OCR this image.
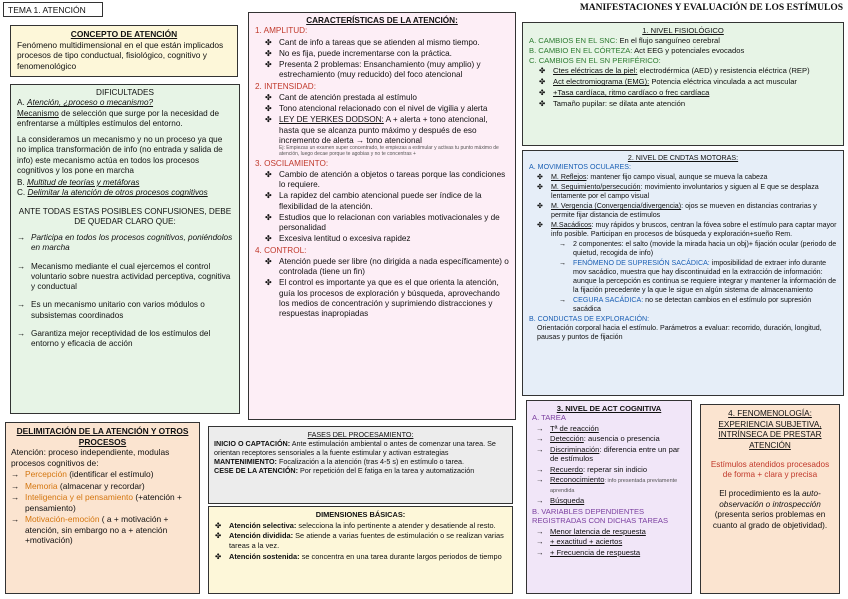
TEMA 1. ATENCIÓN	MANIFESTACIONES Y EVALUACIÓN DE LOS ESTÍMULOS
CONCEPTO DE ATENCIÓN
Fenómeno multidimensional en el que están implicados procesos de tipo conductual, fisiológico, cognitivo y fenomenológico
DIFICULTADES
A. Atención, ¿proceso o mecanismo?
Mecanismo de selección que surge por la necesidad de enfrentarse a múltiples estímulos del entorno.

La consideramos un mecanismo y no un proceso ya que no implica transformación de info (no entrada y salida de info) este mecanismo actúa en todos los procesos cognitivos y los pone en marcha

B. Multitud de teorías y metáforas
C. Delimitar la atención de otros procesos cognitivos
ANTE TODAS ESTAS POSIBLES CONFUSIONES, DEBE DE QUEDAR CLARO QUE:
→ Participa en todos los procesos cognitivos, poniéndolos en marcha
→ Mecanismo mediante el cual ejercemos el control voluntario sobre nuestra actividad perceptiva, cognitiva y conductual
→ Es un mecanismo unitario con varios módulos o subsistemas coordinados
→ Garantiza mejor receptividad de los estímulos del entorno y eficacia de acción
DELIMITACIÓN DE LA ATENCIÓN Y OTROS PROCESOS
Atención: proceso independiente, modulas procesos cognitivos de:
→ Percepción (identificar el estímulo)
→ Memoria (almacenar y recordar)
→ Inteligencia y el pensamiento (+atención + pensamiento)
→ Motivación-emoción ( a + motivación + atención, sin embargo no a + atención +motivación)
CARACTERÍSTICAS DE LA ATENCIÓN:
1. AMPLITUD:
✤ Cant de info a tareas que se atienden al mismo tiempo.
✤ No es fija, puede incrementarse con la práctica.
✤ Presenta 2 problemas: Ensanchamiento (muy amplio) y estrechamiento (muy reducido) del foco atencional
2. INTENSIDAD:
✤ Cant de atención prestada al estímulo
✤ Tono atencional relacionado con el nivel de vigilia y alerta
✤ LEY DE YERKES DODSON: A + alerta + tono atencional, hasta que se alcanza punto máximo y después de eso incremento de alerta → tono atencional
Ej: Empiezas un examen super concentrado, te empiezas a estimular y activas tu punto máximo de atención, luego decae porque te agobias y no te concentras +
3. OSCILAMIENTO:
✤ Cambio de atención a objetos o tareas porque las condiciones lo requiere.
✤ La rapidez del cambio atencional puede ser índice de la flexibilidad de la atención.
✤ Estudios que lo relacionan con variables motivacionales y de personalidad
✤ Excesiva lentitud o excesiva rapidez
4. CONTROL:
✤ Atención puede ser libre (no dirigida a nada específicamente) o controlada (tiene un fin)
✤ El control es importante ya que es el que orienta la atención, guía los procesos de exploración y búsqueda, aprovechando los medios de concentración y suprimiendo distracciones y respuestas inapropiadas
FASES DEL PROCESAMIENTO:
INICIO O CAPTACIÓN: Ante estimulación ambiental o antes de comenzar una tarea. Se orientan receptores sensoriales a la fuente estimular y activan estrategias
MANTENIMIENTO: Focalización a la atención (tras 4-5 s) en estímulo o tarea.
CESE DE LA ATENCIÓN: Por repetición del E fatiga en la tarea y automatización
DIMENSIONES BÁSICAS:
✤ Atención selectiva: selecciona la info pertinente a atender y desatiende al resto.
✤ Atención dividida: Se atiende a varias fuentes de estimulación o se realizan varias tareas a la vez.
✤ Atención sostenida: se concentra en una tarea durante largos periodos de tiempo
1. NIVEL FISIOLÓGICO
A. CAMBIOS EN EL SNC: En el flujo sanguíneo cerebral
B. CAMBIO EN EL CÓRTEZA: Act EEG y potenciales evocados
C. CAMBIOS EN EL SN PERIFÉRICO:
✤ Ctes eléctricas de la piel: electrodérmica (AED) y resistencia eléctrica (REP)
✤ Act electromiograma (EMG): Potencia eléctrica vinculada a act muscular
✤ +Tasa cardíaca, ritmo cardíaco o frec cardíaca
✤ Tamaño pupilar: se dilata ante atención
2. NIVEL DE CNDTAS MOTORAS:
A. MOVIMIENTOS OCULARES:
✤ M. Reflejos: mantener fijo campo visual, aunque se mueva la cabeza
✤ M. Seguimiento/persecución: movimiento involuntarios y siguen al E que se desplaza lentamente por el campo visual
✤ M. Vergencia (Convergencia/divergencia): ojos se mueven en distancias contrarias y permite fijar distancia de estímulos
✤ M.Sacádicos: muy rápidos y bruscos, centran la fóvea sobre el estímulo para captar mayor info posible. Participan en procesos de búsqueda y exploración+sueño Rem.
→ 2 componentes: el salto (movide la mirada hacia un obj)+ fijación ocular (periodo de quietud, recogida de info)
→ FENÓMENO DE SUPRESIÓN SACÁDICA: imposibilidad de extraer info durante mov sacádico, muestra que hay discontinuidad en la extracción de información: aunque la percepción es continua se requiere integrar y mantener la información de la fijación precedente y la que le sigue en algún sistema de almacenamiento
→ CEGURA SACÁDICA: no se detectan cambios en el estímulo por supresión sacádica
B. CONDUCTAS DE EXPLORACIÓN:
Orientación corporal hacia el estímulo. Parámetros a evaluar: recorrido, duración, longitud, pausas y puntos de fijación
3. NIVEL DE ACT COGNITIVA
A. TAREA
→ Tª de reacción
→ Detección: ausencia o presencia
→ Discriminación: diferencia entre un par de estímulos
→ Recuerdo: reperar sin indicio
→ Reconocimiento: info presentada previamente aprendida
→ Búsqueda
B. VARIABLES DEPENDIENTES REGISTRADAS CON DICHAS TAREAS
→ Menor latencia de respuesta
→ + exactitud + aciertos
→ + Frecuencia de respuesta
4. FENOMENOLOGÍA: EXPERIENCIA SUBJETIVA, INTRÍNSECA DE PRESTAR ATENCIÓN
Estímulos atendidos procesados de forma + clara y precisa
El procedimiento es la auto-observación o introspección (presenta serios problemas en cuanto al grado de objetividad).
